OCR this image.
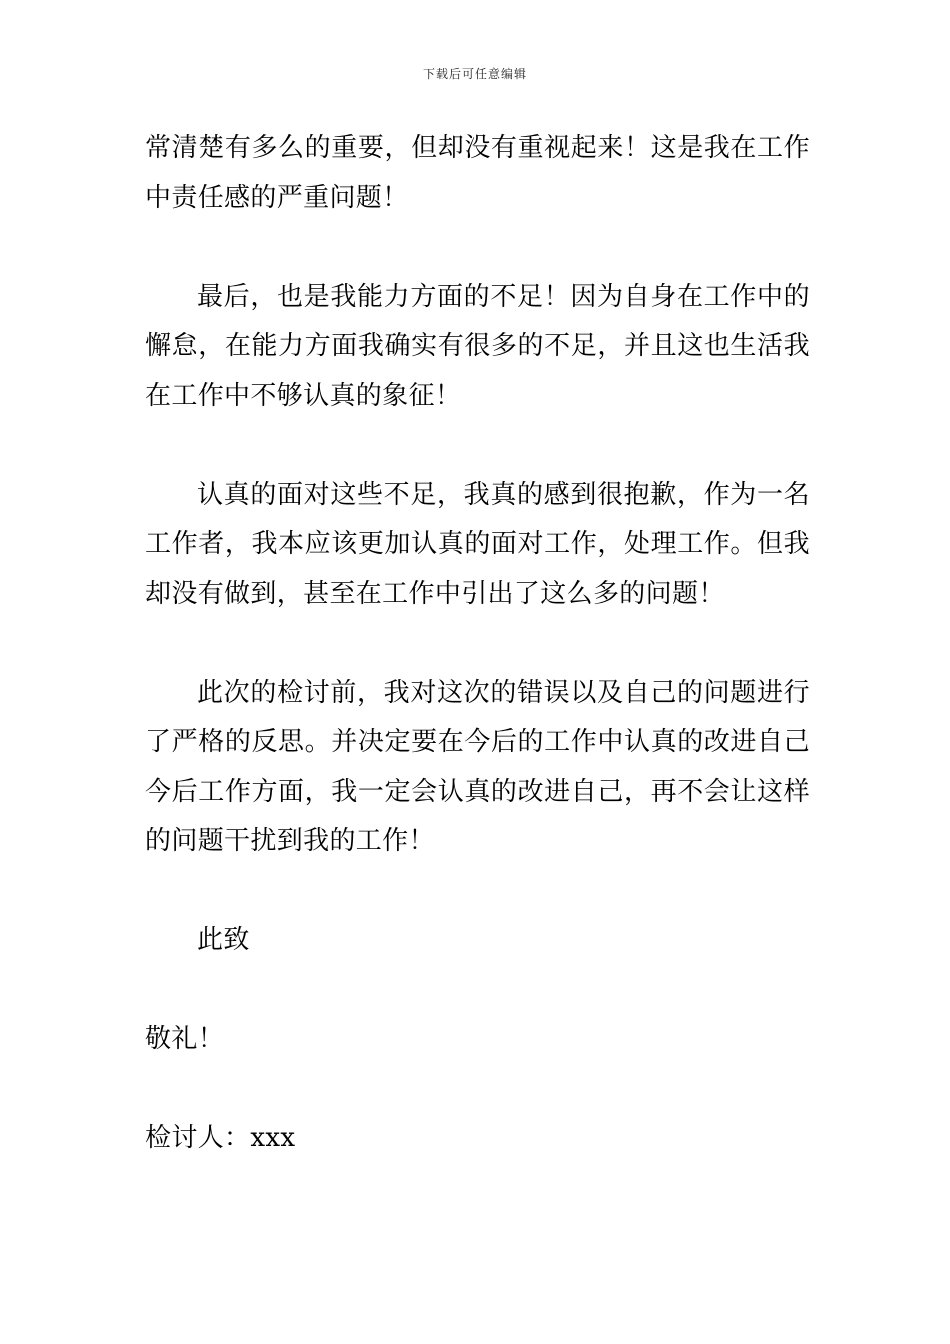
下载后可任意编辑

常清楚有多么的重要，但却没有重视起来！这是我在工作中责任感的严重问题！

最后，也是我能力方面的不足！因为自身在工作中的懈怠，在能力方面我确实有很多的不足，并且这也生活我在工作中不够认真的象征！

认真的面对这些不足，我真的感到很抱歉，作为一名工作者，我本应该更加认真的面对工作，处理工作。但我却没有做到，甚至在工作中引出了这么多的问题！

此次的检讨前，我对这次的错误以及自己的问题进行了严格的反思。并决定要在今后的工作中认真的改进自己今后工作方面，我一定会认真的改进自己，再不会让这样的问题干扰到我的工作！

此致

敬礼！

检讨人：xxx
